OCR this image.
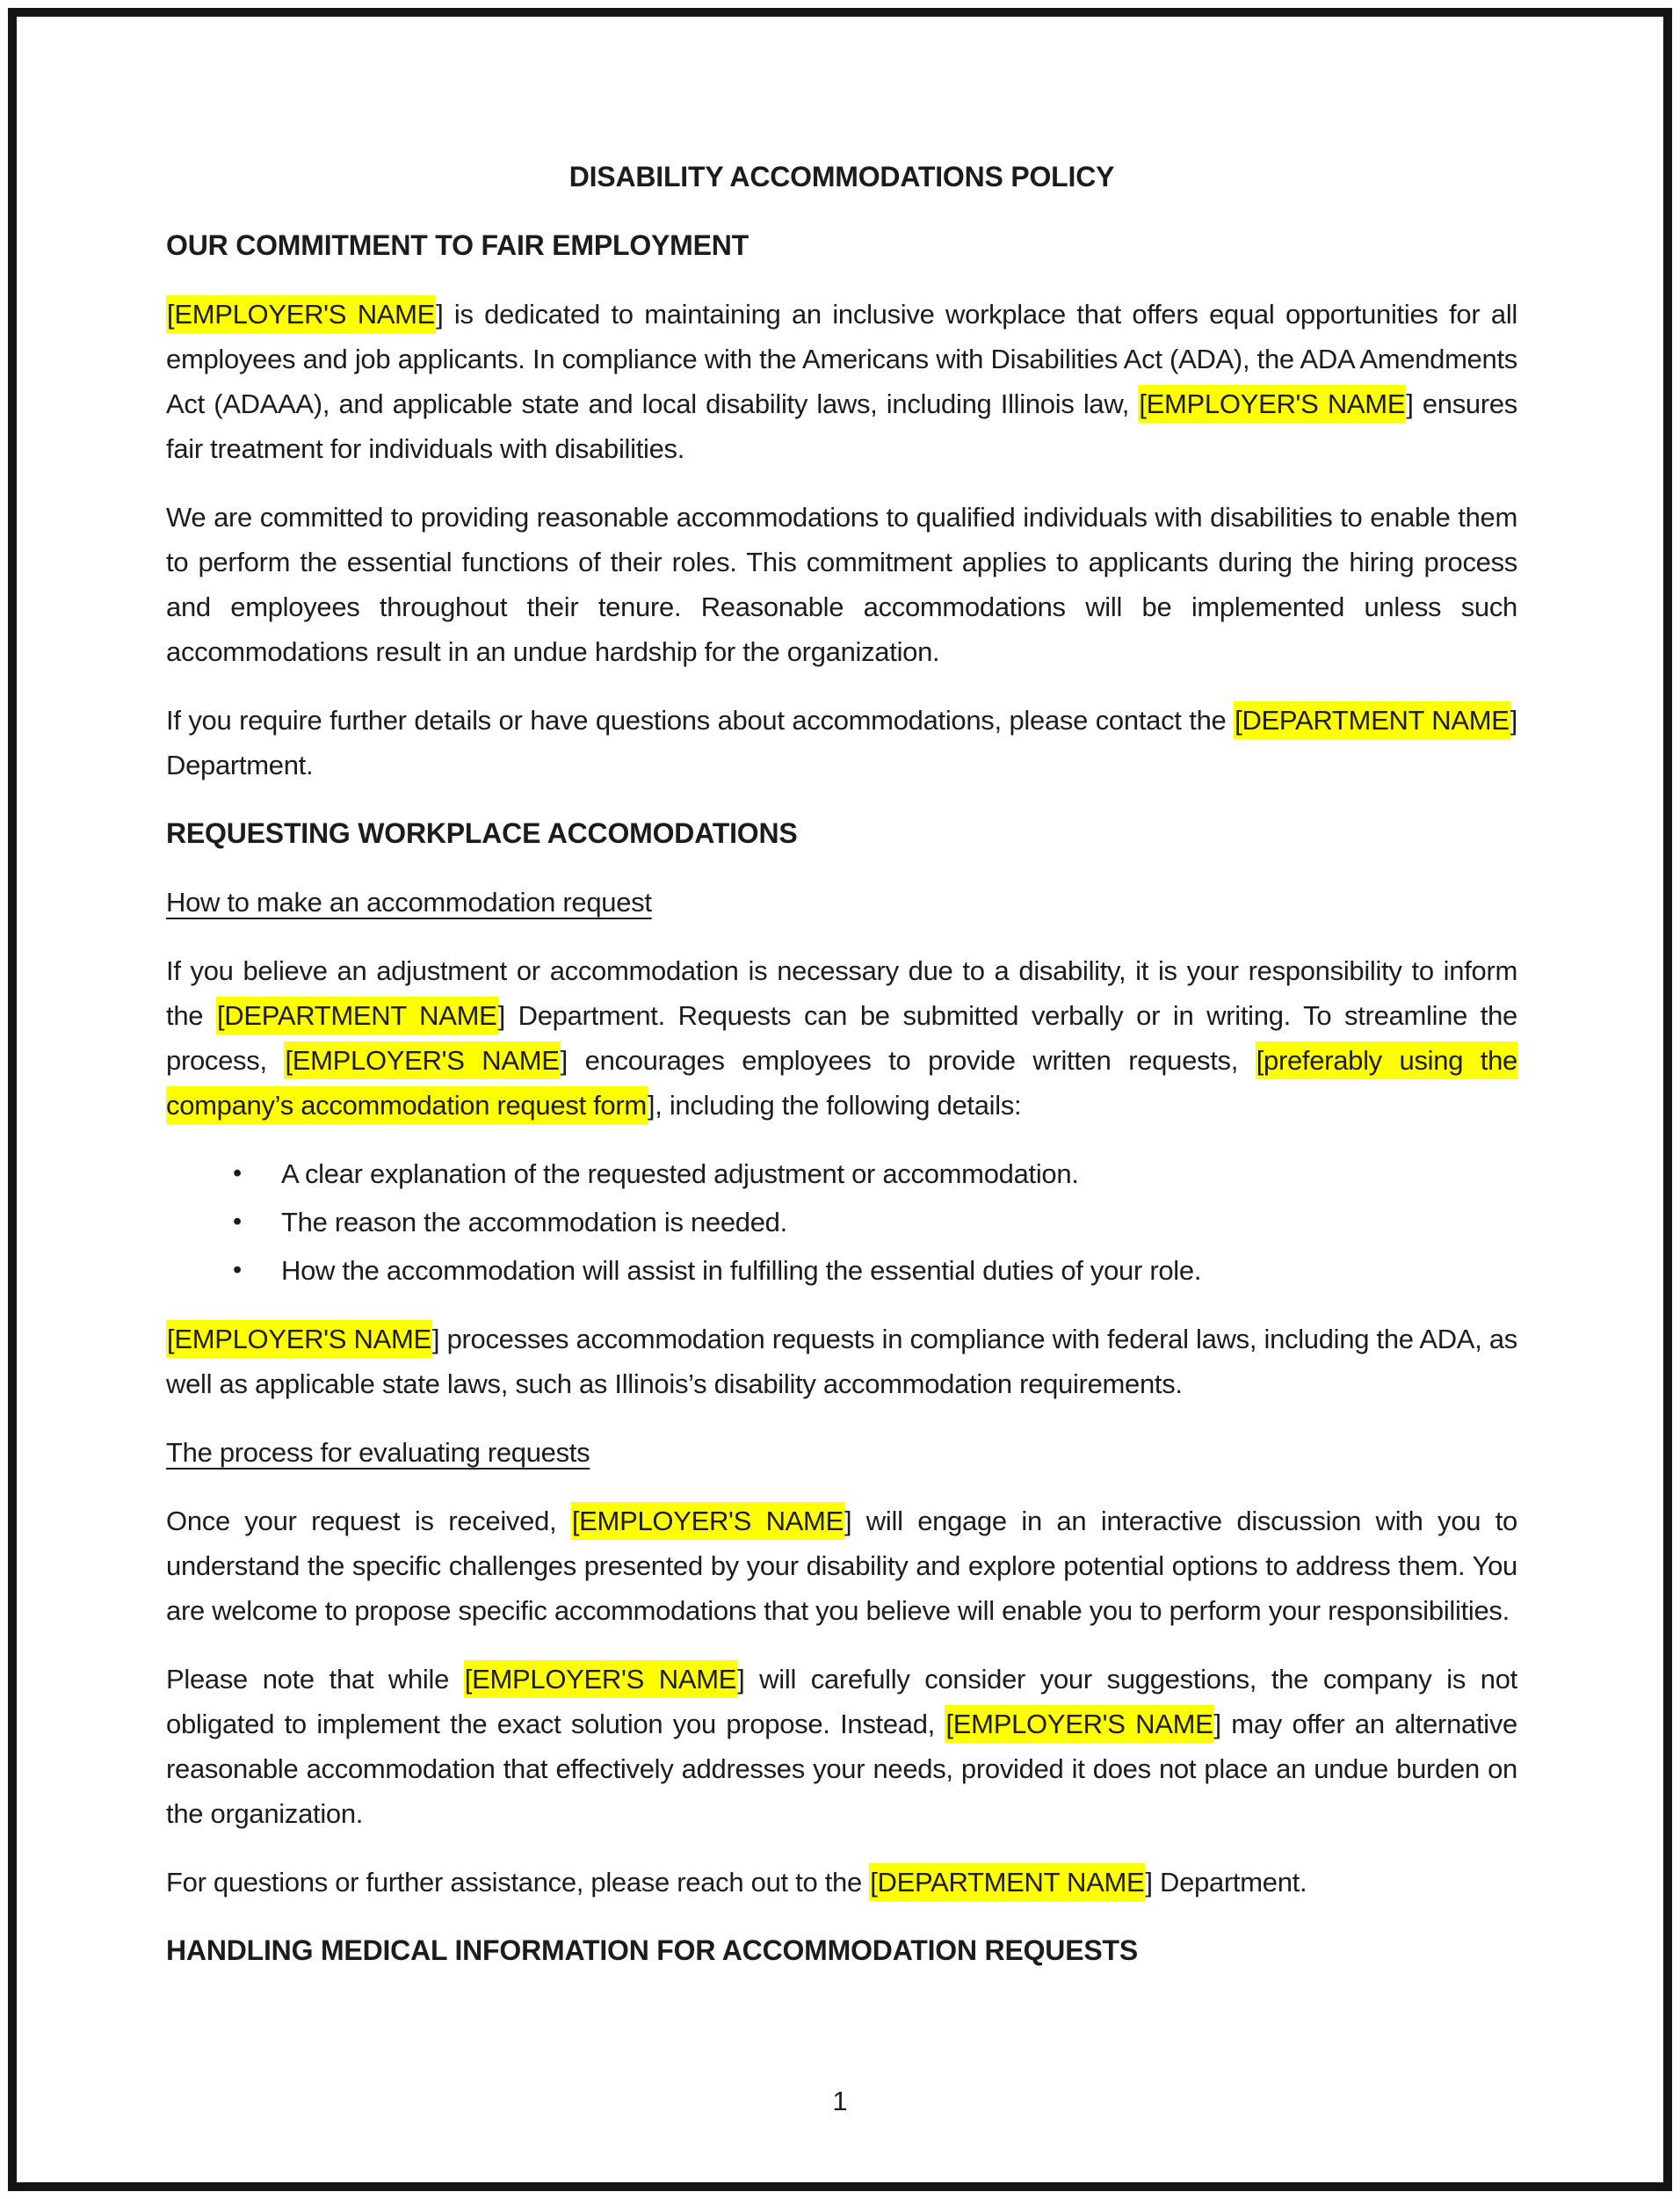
DISABILITY ACCOMMODATIONS POLICY
OUR COMMITMENT TO FAIR EMPLOYMENT

[EMPLOYER'S NAME] is dedicated to maintaining an inclusive workplace that offers equal opportunities for all employees and job applicants. In compliance with the Americans with Disabilities Act (ADA), the ADA Amendments Act (ADAAA), and applicable state and local disability laws, including Illinois law, [EMPLOYER'S NAME] ensures fair treatment for individuals with disabilities.

We are committed to providing reasonable accommodations to qualified individuals with disabilities to enable them to perform the essential functions of their roles. This commitment applies to applicants during the hiring process and employees throughout their tenure. Reasonable accommodations will be implemented unless such accommodations result in an undue hardship for the organization.

If you require further details or have questions about accommodations, please contact the [DEPARTMENT NAME] Department.

REQUESTING WORKPLACE ACCOMODATIONS
How to make an accommodation request

If you believe an adjustment or accommodation is necessary due to a disability, it is your responsibility to inform the [DEPARTMENT NAME] Department. Requests can be submitted verbally or in writing. To streamline the process, [EMPLOYER'S NAME] encourages employees to provide written requests, [preferably using the company’s accommodation request form], including the following details:

• A clear explanation of the requested adjustment or accommodation.
• The reason the accommodation is needed.
• How the accommodation will assist in fulfilling the essential duties of your role.

[EMPLOYER'S NAME] processes accommodation requests in compliance with federal laws, including the ADA, as well as applicable state laws, such as Illinois’s disability accommodation requirements.

The process for evaluating requests

Once your request is received, [EMPLOYER'S NAME] will engage in an interactive discussion with you to understand the specific challenges presented by your disability and explore potential options to address them. You are welcome to propose specific accommodations that you believe will enable you to perform your responsibilities.

Please note that while [EMPLOYER'S NAME] will carefully consider your suggestions, the company is not obligated to implement the exact solution you propose. Instead, [EMPLOYER'S NAME] may offer an alternative reasonable accommodation that effectively addresses your needs, provided it does not place an undue burden on the organization.

For questions or further assistance, please reach out to the [DEPARTMENT NAME] Department.

HANDLING MEDICAL INFORMATION FOR ACCOMMODATION REQUESTS
1
